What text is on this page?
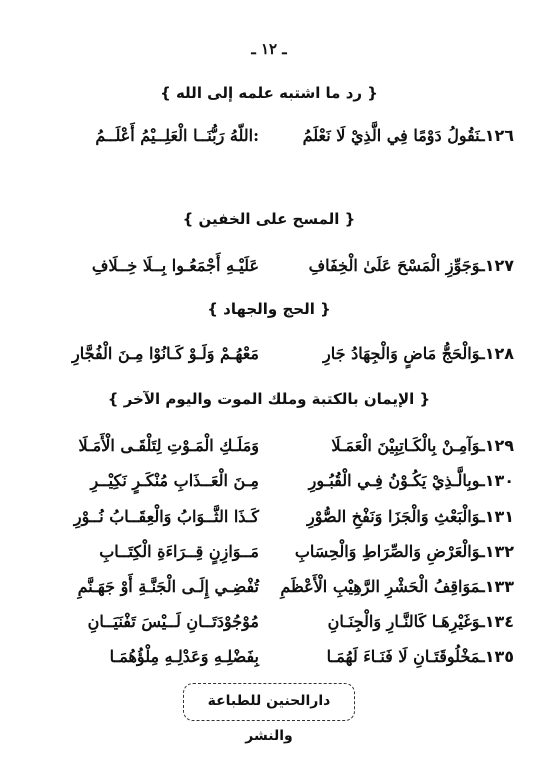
ـ ١٢ ـ
{ رد ما اشتبه علمه إلى الله }
١٢٦ـنَقُولُ دَوْمًا فِي الَّذِيْ لَا نَعْلَمُ
:اللّهُ رَبُّنَــا الْعَلِــيْمُ أَعْلَــمُ
{ المسح على الخفين }
١٢٧ـوَجَوِّزِ الْمَسْحَ عَلَىٰ الْخِفَافِ
عَلَيْـهِ أَجْمَعُـوا بِــلَا خِــلَافِ
{ الحج والجهاد }
١٢٨ـوَالْحَجُّ مَاضٍ وَالْجِهَادُ جَارِ
مَعْهُـمْ وَلَـوْ كَـانُوْا مِـنَ الْفُجَّارِ
{ الإيمان بالكتبة وملك الموت واليوم الآخر }
١٢٩ـوَآمِـنْ بِالْكَـاتِبِيْنَ الْعَمَـلَا
وَمَلَـكِ الْمَـوْتِ لِتَلْقَـى الْأَمَـلَا
١٣٠ـوبِالَّـذِيْ يَكُـوْنُ فِـي الْقُبُـورِ
مِـنَ الْعَــذَابِ مُنْكَـرٍ نَكِيْــرِ
١٣١ـوَالْبَعْثِ وَالْجَزَا وَنَفْخِ الصُّوْرِ
كَـذَا الثَّــوَابُ وَالْعِقَــابُ نُــوْرِ
١٣٢ـوَالْعَرْضِ وَالصِّرَاطِ وَالْحِسَابِ
مَــوَازِنٍ قِــرَاءَةِ الْكِتَــابِ
١٣٣ـمَوَاقِفُ الْحَشْرِ الرَّهِيْبِ الْأَعْظَمِ
تُفْضِـي إِلَـى الْجَنَّـةِ أَوْ جَهَـنَّمِ
١٣٤ـوَغَيْرِهَـا كَالنَّـارِ وَالْجِنَـانِ
مُوْجُوْدَتَــانِ لَــيْسَ تَفْنَيَــانِ
١٣٥ـمَخْلُوقَتَـانِ لَا فَنَـاءَ لَهُمَـا
بِفَضْلِـهِ وَعَدْلِـهِ مِلْؤُهُمَـا
دارالحنين للطباعة والنشر
